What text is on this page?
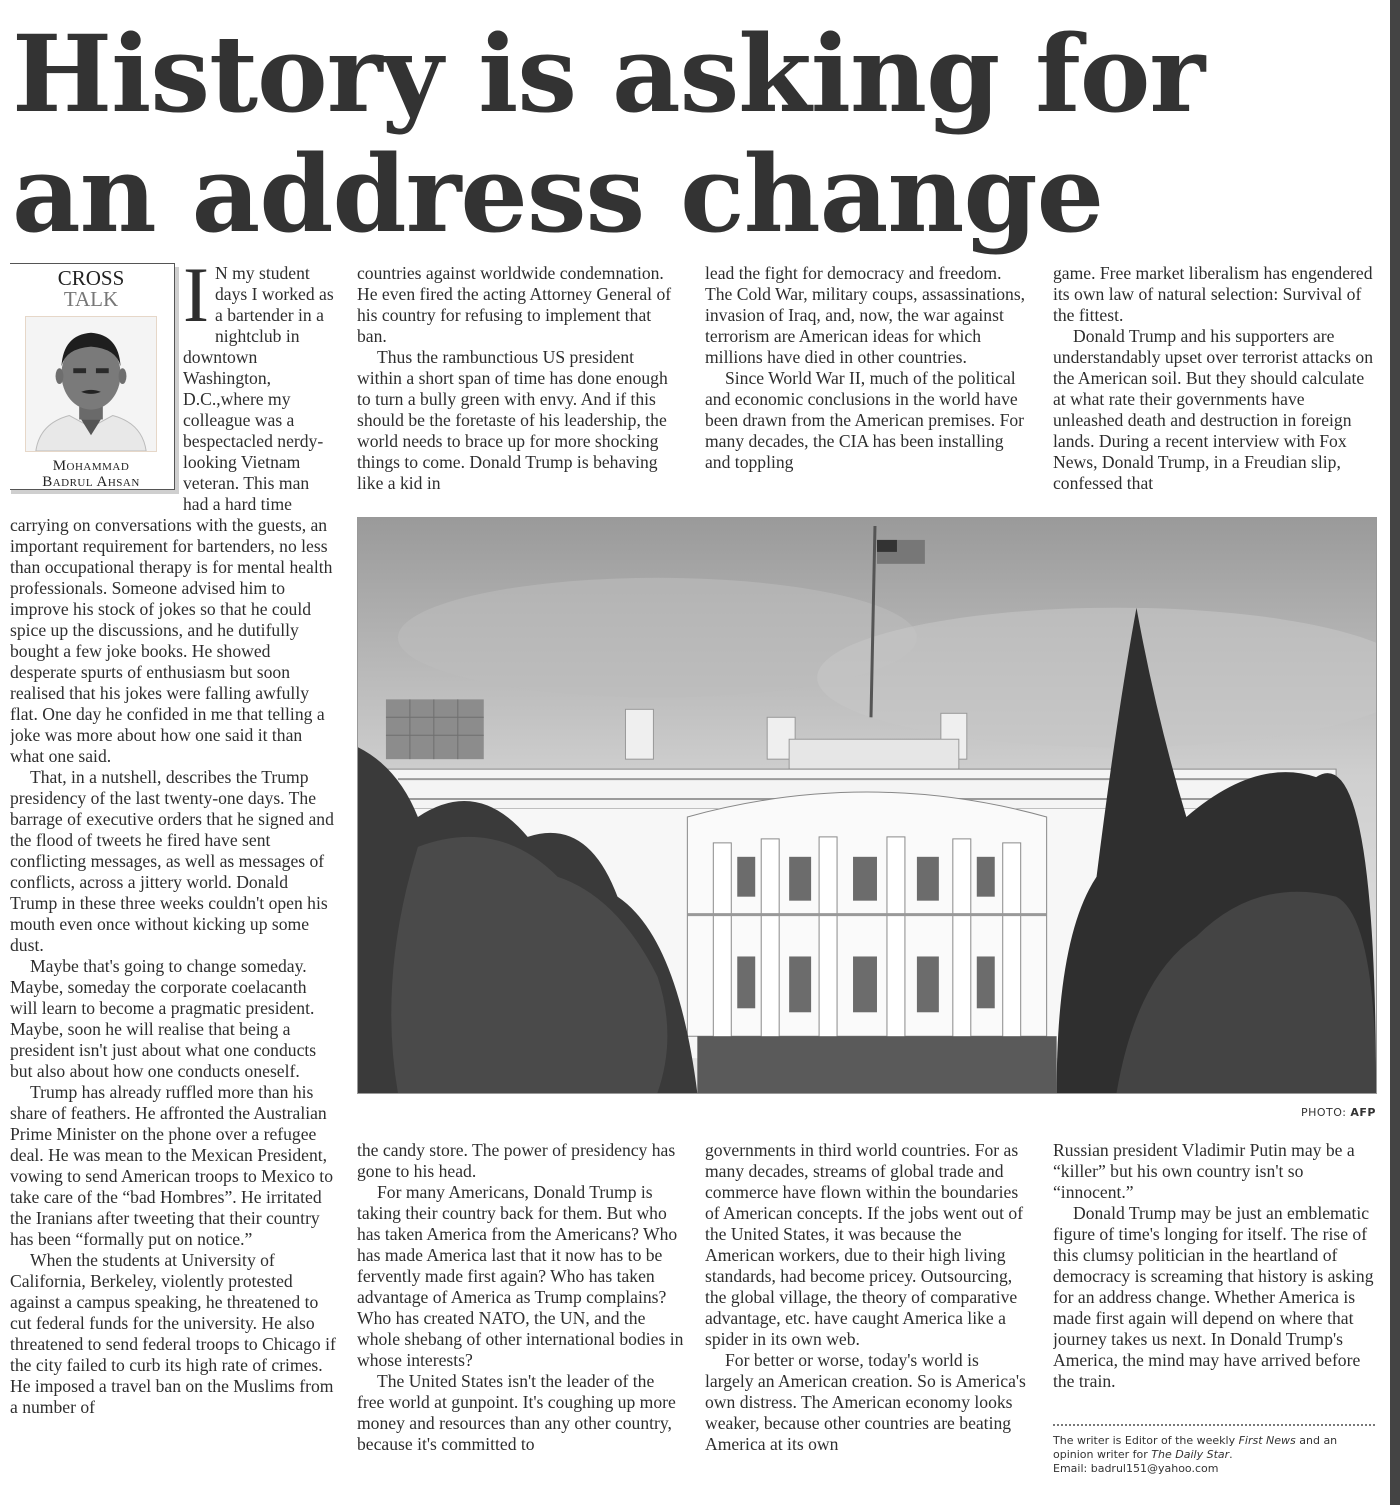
History is asking for an address change
CROSS
TALK
Mohammad
Badrul Ahsan
I N my student days I worked as a bartender in a nightclub in downtown Washington, D.C.,where my colleague was a bespectacled nerdy-looking Vietnam veteran. This man had a hard time carrying on conversations with the guests, an important requirement for bartenders, no less than occupational therapy is for mental health professionals. Someone advised him to improve his stock of jokes so that he could spice up the discussions, and he dutifully bought a few joke books. He showed desperate spurts of enthusiasm but soon realised that his jokes were falling awfully flat. One day he confided in me that telling a joke was more about how one said it than what one said.

That, in a nutshell, describes the Trump presidency of the last twenty-one days. The barrage of executive orders that he signed and the flood of tweets he fired have sent conflicting messages, as well as messages of conflicts, across a jittery world. Donald Trump in these three weeks couldn't open his mouth even once without kicking up some dust.

Maybe that's going to change someday. Maybe, someday the corporate coelacanth will learn to become a pragmatic president. Maybe, soon he will realise that being a president isn't just about what one conducts but also about how one conducts oneself.

Trump has already ruffled more than his share of feathers. He affronted the Australian Prime Minister on the phone over a refugee deal. He was mean to the Mexican President, vowing to send American troops to Mexico to take care of the “bad Hombres”. He irritated the Iranians after tweeting that their country has been “formally put on notice.”

When the students at University of California, Berkeley, violently protested against a campus speaking, he threatened to cut federal funds for the university. He also threatened to send federal troops to Chicago if the city failed to curb its high rate of crimes. He imposed a travel ban on the Muslims from a number of

countries against worldwide condemnation. He even fired the acting Attorney General of his country for refusing to implement that ban.

Thus the rambunctious US president within a short span of time has done enough to turn a bully green with envy. And if this should be the foretaste of his leadership, the world needs to brace up for more shocking things to come. Donald Trump is behaving like a kid in

lead the fight for democracy and freedom. The Cold War, military coups, assassinations, invasion of Iraq, and, now, the war against terrorism are American ideas for which millions have died in other countries.

Since World War II, much of the political and economic conclusions in the world have been drawn from the American premises. For many decades, the CIA has been installing and toppling

game. Free market liberalism has engendered its own law of natural selection: Survival of the fittest.

Donald Trump and his supporters are understandably upset over terrorist attacks on the American soil. But they should calculate at what rate their governments have unleashed death and destruction in foreign lands. During a recent interview with Fox News, Donald Trump, in a Freudian slip, confessed that

PHOTO: AFP

the candy store. The power of presidency has gone to his head.

For many Americans, Donald Trump is taking their country back for them. But who has taken America from the Americans? Who has made America last that it now has to be fervently made first again? Who has taken advantage of America as Trump complains? Who has created NATO, the UN, and the whole shebang of other international bodies in whose interests?

The United States isn't the leader of the free world at gunpoint. It's coughing up more money and resources than any other country, because it's committed to

governments in third world countries. For as many decades, streams of global trade and commerce have flown within the boundaries of American concepts. If the jobs went out of the United States, it was because the American workers, due to their high living standards, had become pricey. Outsourcing, the global village, the theory of comparative advantage, etc. have caught America like a spider in its own web.

For better or worse, today's world is largely an American creation. So is America's own distress. The American economy looks weaker, because other countries are beating America at its own

Russian president Vladimir Putin may be a “killer” but his own country isn't so “innocent.”

Donald Trump may be just an emblematic figure of time's longing for itself. The rise of this clumsy politician in the heartland of democracy is screaming that history is asking for an address change. Whether America is made first again will depend on where that journey takes us next. In Donald Trump's America, the mind may have arrived before the train.

The writer is Editor of the weekly First News and an opinion writer for The Daily Star.
Email: badrul151@yahoo.com
